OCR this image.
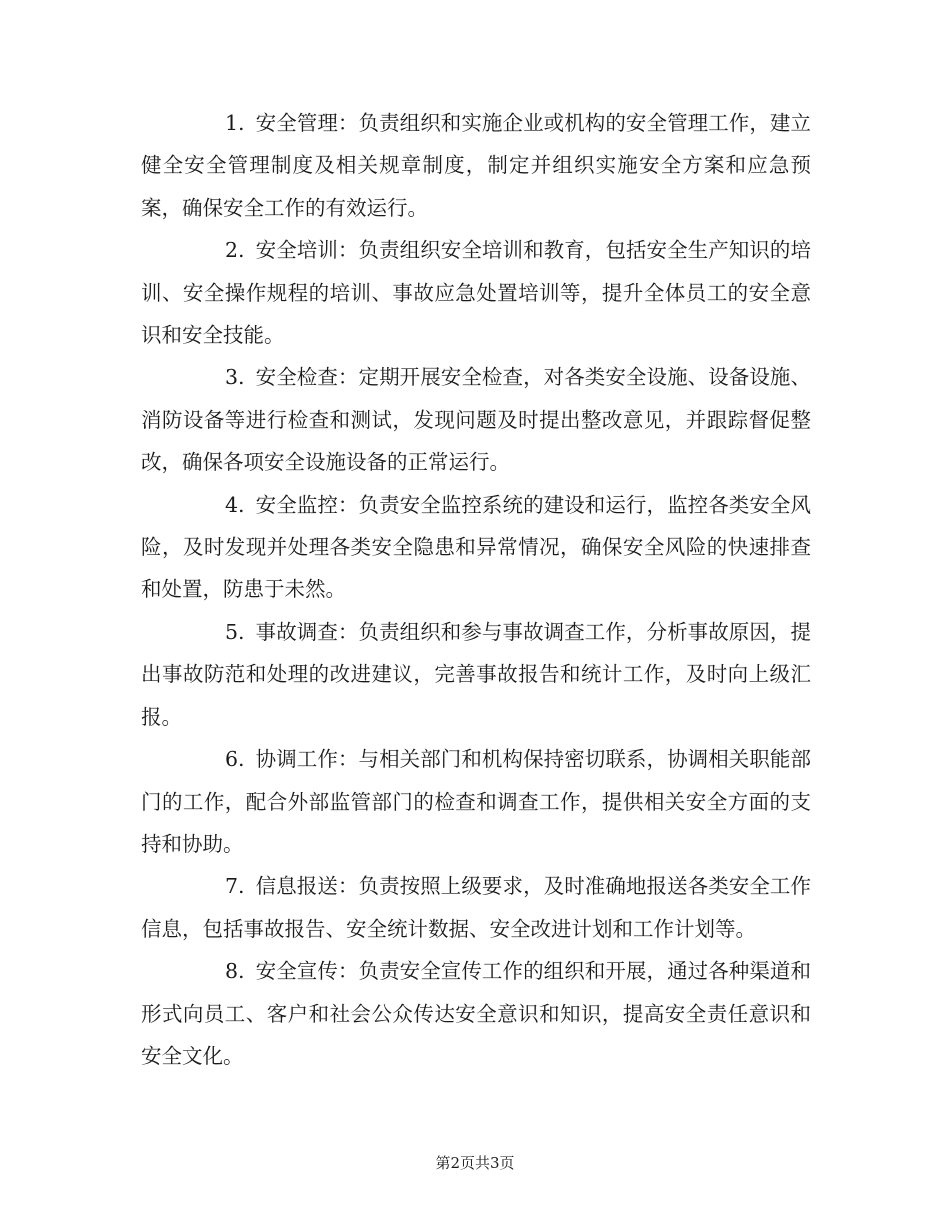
1. 安全管理：负责组织和实施企业或机构的安全管理工作，建立健全安全管理制度及相关规章制度，制定并组织实施安全方案和应急预案，确保安全工作的有效运行。

2. 安全培训：负责组织安全培训和教育，包括安全生产知识的培训、安全操作规程的培训、事故应急处置培训等，提升全体员工的安全意识和安全技能。

3. 安全检查：定期开展安全检查，对各类安全设施、设备设施、消防设备等进行检查和测试，发现问题及时提出整改意见，并跟踪督促整改，确保各项安全设施设备的正常运行。

4. 安全监控：负责安全监控系统的建设和运行，监控各类安全风险，及时发现并处理各类安全隐患和异常情况，确保安全风险的快速排查和处置，防患于未然。

5. 事故调查：负责组织和参与事故调查工作，分析事故原因，提出事故防范和处理的改进建议，完善事故报告和统计工作，及时向上级汇报。

6. 协调工作：与相关部门和机构保持密切联系，协调相关职能部门的工作，配合外部监管部门的检查和调查工作，提供相关安全方面的支持和协助。

7. 信息报送：负责按照上级要求，及时准确地报送各类安全工作信息，包括事故报告、安全统计数据、安全改进计划和工作计划等。

8. 安全宣传：负责安全宣传工作的组织和开展，通过各种渠道和形式向员工、客户和社会公众传达安全意识和知识，提高安全责任意识和安全文化。

第2页共3页
